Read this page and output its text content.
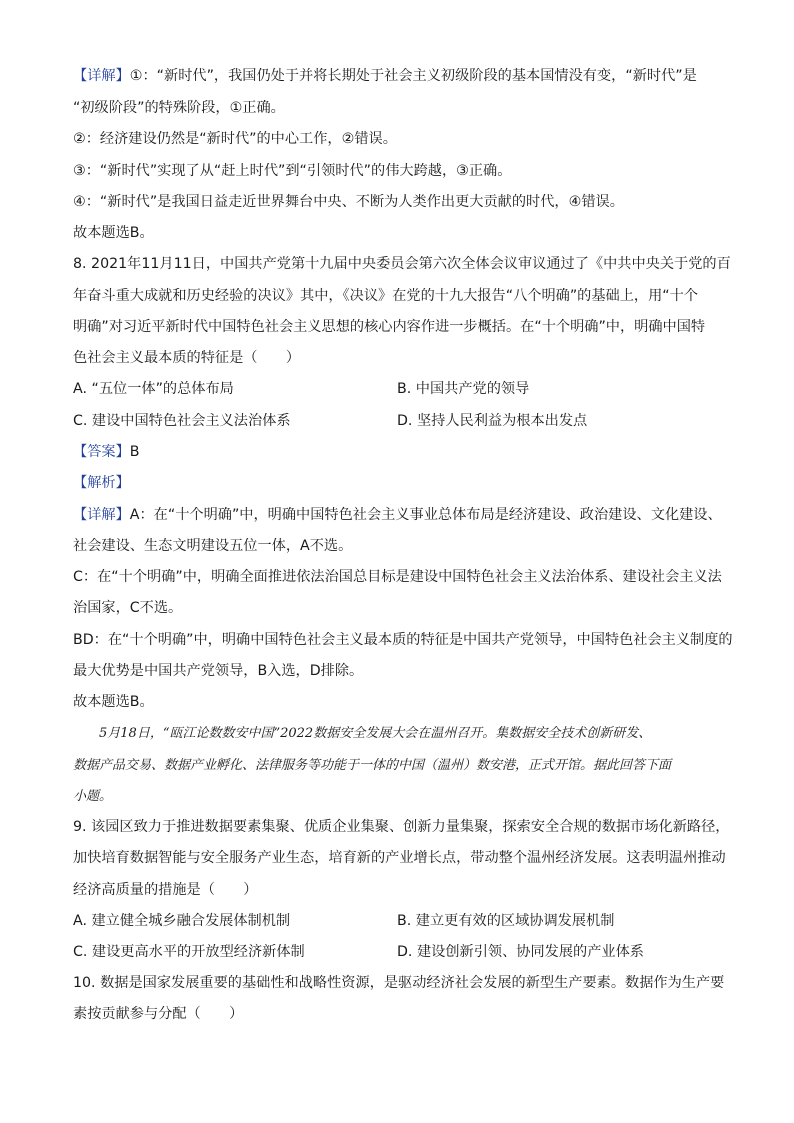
【详解】①：“新时代”，我国仍处于并将长期处于社会主义初级阶段的基本国情没有变，“新时代”是
“初级阶段”的特殊阶段，①正确。
②：经济建设仍然是“新时代”的中心工作，②错误。
③：“新时代”实现了从“赶上时代”到“引领时代”的伟大跨越，③正确。
④：“新时代”是我国日益走近世界舞台中央、不断为人类作出更大贡献的时代，④错误。
故本题选B。
8. 2021年11月11日，中国共产党第十九届中央委员会第六次全体会议审议通过了《中共中央关于党的百
年奋斗重大成就和历史经验的决议》其中，《决议》在党的十九大报告“八个明确”的基础上，用“十个
明确”对习近平新时代中国特色社会主义思想的核心内容作进一步概括。在“十个明确”中，明确中国特
色社会主义最本质的特征是（　　）
A. “五位一体”的总体布局	B. 中国共产党的领导
C. 建设中国特色社会主义法治体系	D. 坚持人民利益为根本出发点
【答案】B
【解析】
【详解】A：在“十个明确”中，明确中国特色社会主义事业总体布局是经济建设、政治建设、文化建设、
社会建设、生态文明建设五位一体，A不选。
C：在“十个明确”中，明确全面推进依法治国总目标是建设中国特色社会主义法治体系、建设社会主义法
治国家，C不选。
BD：在“十个明确”中，明确中国特色社会主义最本质的特征是中国共产党领导，中国特色社会主义制度的
最大优势是中国共产党领导，B入选，D排除。
故本题选B。
　　5月18日，“瓯江论数数安中国”2022数据安全发展大会在温州召开。集数据安全技术创新研发、
数据产品交易、数据产业孵化、法律服务等功能于一体的中国（温州）数安港，正式开馆。据此回答下面
小题。
9. 该园区致力于推进数据要素集聚、优质企业集聚、创新力量集聚，探索安全合规的数据市场化新路径，
加快培育数据智能与安全服务产业生态，培育新的产业增长点，带动整个温州经济发展。这表明温州推动
经济高质量的措施是（　　）
A. 建立健全城乡融合发展体制机制	B. 建立更有效的区域协调发展机制
C. 建设更高水平的开放型经济新体制	D. 建设创新引领、协同发展的产业体系
10. 数据是国家发展重要的基础性和战略性资源，是驱动经济社会发展的新型生产要素。数据作为生产要
素按贡献参与分配（　　）
